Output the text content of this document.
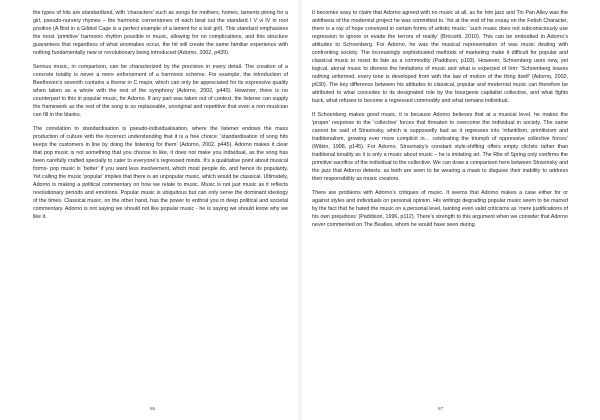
the types of hits are standardized, with ‘characters’ such as songs for mothers, homes, laments pining for a girl, pseudo-nursery rhymes – the harmonic cornerstones of each beat out the standard I V vi IV in root position (A Bird in a Gilded Cage is a perfect example of a lament for a lost girl). This standard emphasises the most ‘primitive’ harmonic rhythm possible in music, allowing for no complications, and this structure guarantees that regardless of what anomalies occur, the hit will create the same familiar experience with nothing fundamentally new or revolutionary being introduced (Adorno, 2002, p439).

Serious music, in comparison, can be characterized by the precision in every detail. The creation of a concrete totality is never a mere enforcement of a harmonic scheme. For example, the introduction of Beethoven’s seventh contains a theme in C major, which can only be appreciated for its expressive quality when taken as a whole with the rest of the symphony (Adorno, 2002, p440). However, there is no counterpart to this in popular music, for Adorno. If any part was taken out of context, the listener can supply the framework as the rest of the song is so replaceable, unoriginal and repetitive that even a non-musician can fill in the blanks.

The correlation to standardisation is pseudo-individualisation, where the listener endows the mass production of culture with the incorrect understanding that it is a free choice: ‘standardisation of song hits keeps the customers in line by doing the listening for them’ (Adorno, 2002, p445). Adorno makes it clear that pop music is not something that you choose to like, it does not make you individual, as the song has been carefully crafted specially to cater to everyone’s regressed minds. It’s a qualitative point about musical forms- pop music is ‘better’ if you want less involvement, which most people do, and hence its popularity. Yet calling the music ‘popular’ implies that there is an unpopular music, which would be classical. Ultimately, Adorno is making a political commentary on how we relate to music. Music is not just music as it reflects revolutionary periods and emotions. Popular music is ubiquitous but can only serve the dominant ideology of the times. Classical music, on the other hand, has the power to enthral you in deep political and societal commentary. Adorno is not saying we should not like popular music - he is saying we should know why we like it.

86

It becomes easy to claim that Adorno agreed with no music at all, as for him jazz and Tin Pan Alley was the antithesis of the modernist project he was committed to. Yet at the end of his essay on the Fetish Character, there is a ray of hope conveyed in certain forms of artistic music: ‘such music does not subconsciously use regression to ignore or evade the terrors of reality’ (Briccetti, 2010). This can be embodied in Adorno’s attitudes to Schoenberg. For Adorno, he was the musical representation of was music dealing with confronting society. The increasingly sophisticated methods of marketing make it difficult for popular and classical music to resist its fate as a commodity (Paddison, p103). However, Schoenberg uses new, yet logical, atonal music to dismiss the limitations of music and what is expected of him: ‘Schoenberg leaves nothing unformed, every tone is developed from with the law of motion of the thing itself’ (Adorno, 2002, p630). The key difference between his attitudes to classical, popular and modernist music can therefore be attributed to what concedes to its designated role by the bourgeois capitalist collective, and what fights back, what refuses to become a regressed commodity and what remains individual.

If Schoenberg makes good music, it is because Adorno believes that at a musical level, he makes the ‘proper’ response to the ‘collective’ forces that threaten to overcome the individual in society. The same cannot be said of Stravinsky, which is supposedly bad as it regresses into ‘infantilism, primitivism and traditionalism, growing ever more complicit in… celebrating the triumph of oppressive collective forces’ (Witkin, 1998, p145). For Adorno, Stravinsky’s constant style-shifting offers empty clichés rather than traditional tonality as it is only a music about music – he is imitating art. The Rite of Spring only confirms the primitive sacrifice of the individual to the collective. We can draw a comparison here between Stravinsky and the jazz that Adorno detests, as both are seen to be wearing a mask to disguise their inability to address their responsibility as music creators.

There are problems with Adorno’s critiques of music. It seems that Adorno makes a case either for or against styles and individuals on personal opinion. His writings degrading popular music seem to be marred by the fact that he hated the music on a personal level, tainting even valid criticisms as ‘mere justifications of his own prejudices’ (Paddison, 1996, p112). There’s strength to this argument when we consider that Adorno never commented on The Beatles, whom he would have seen during

87
